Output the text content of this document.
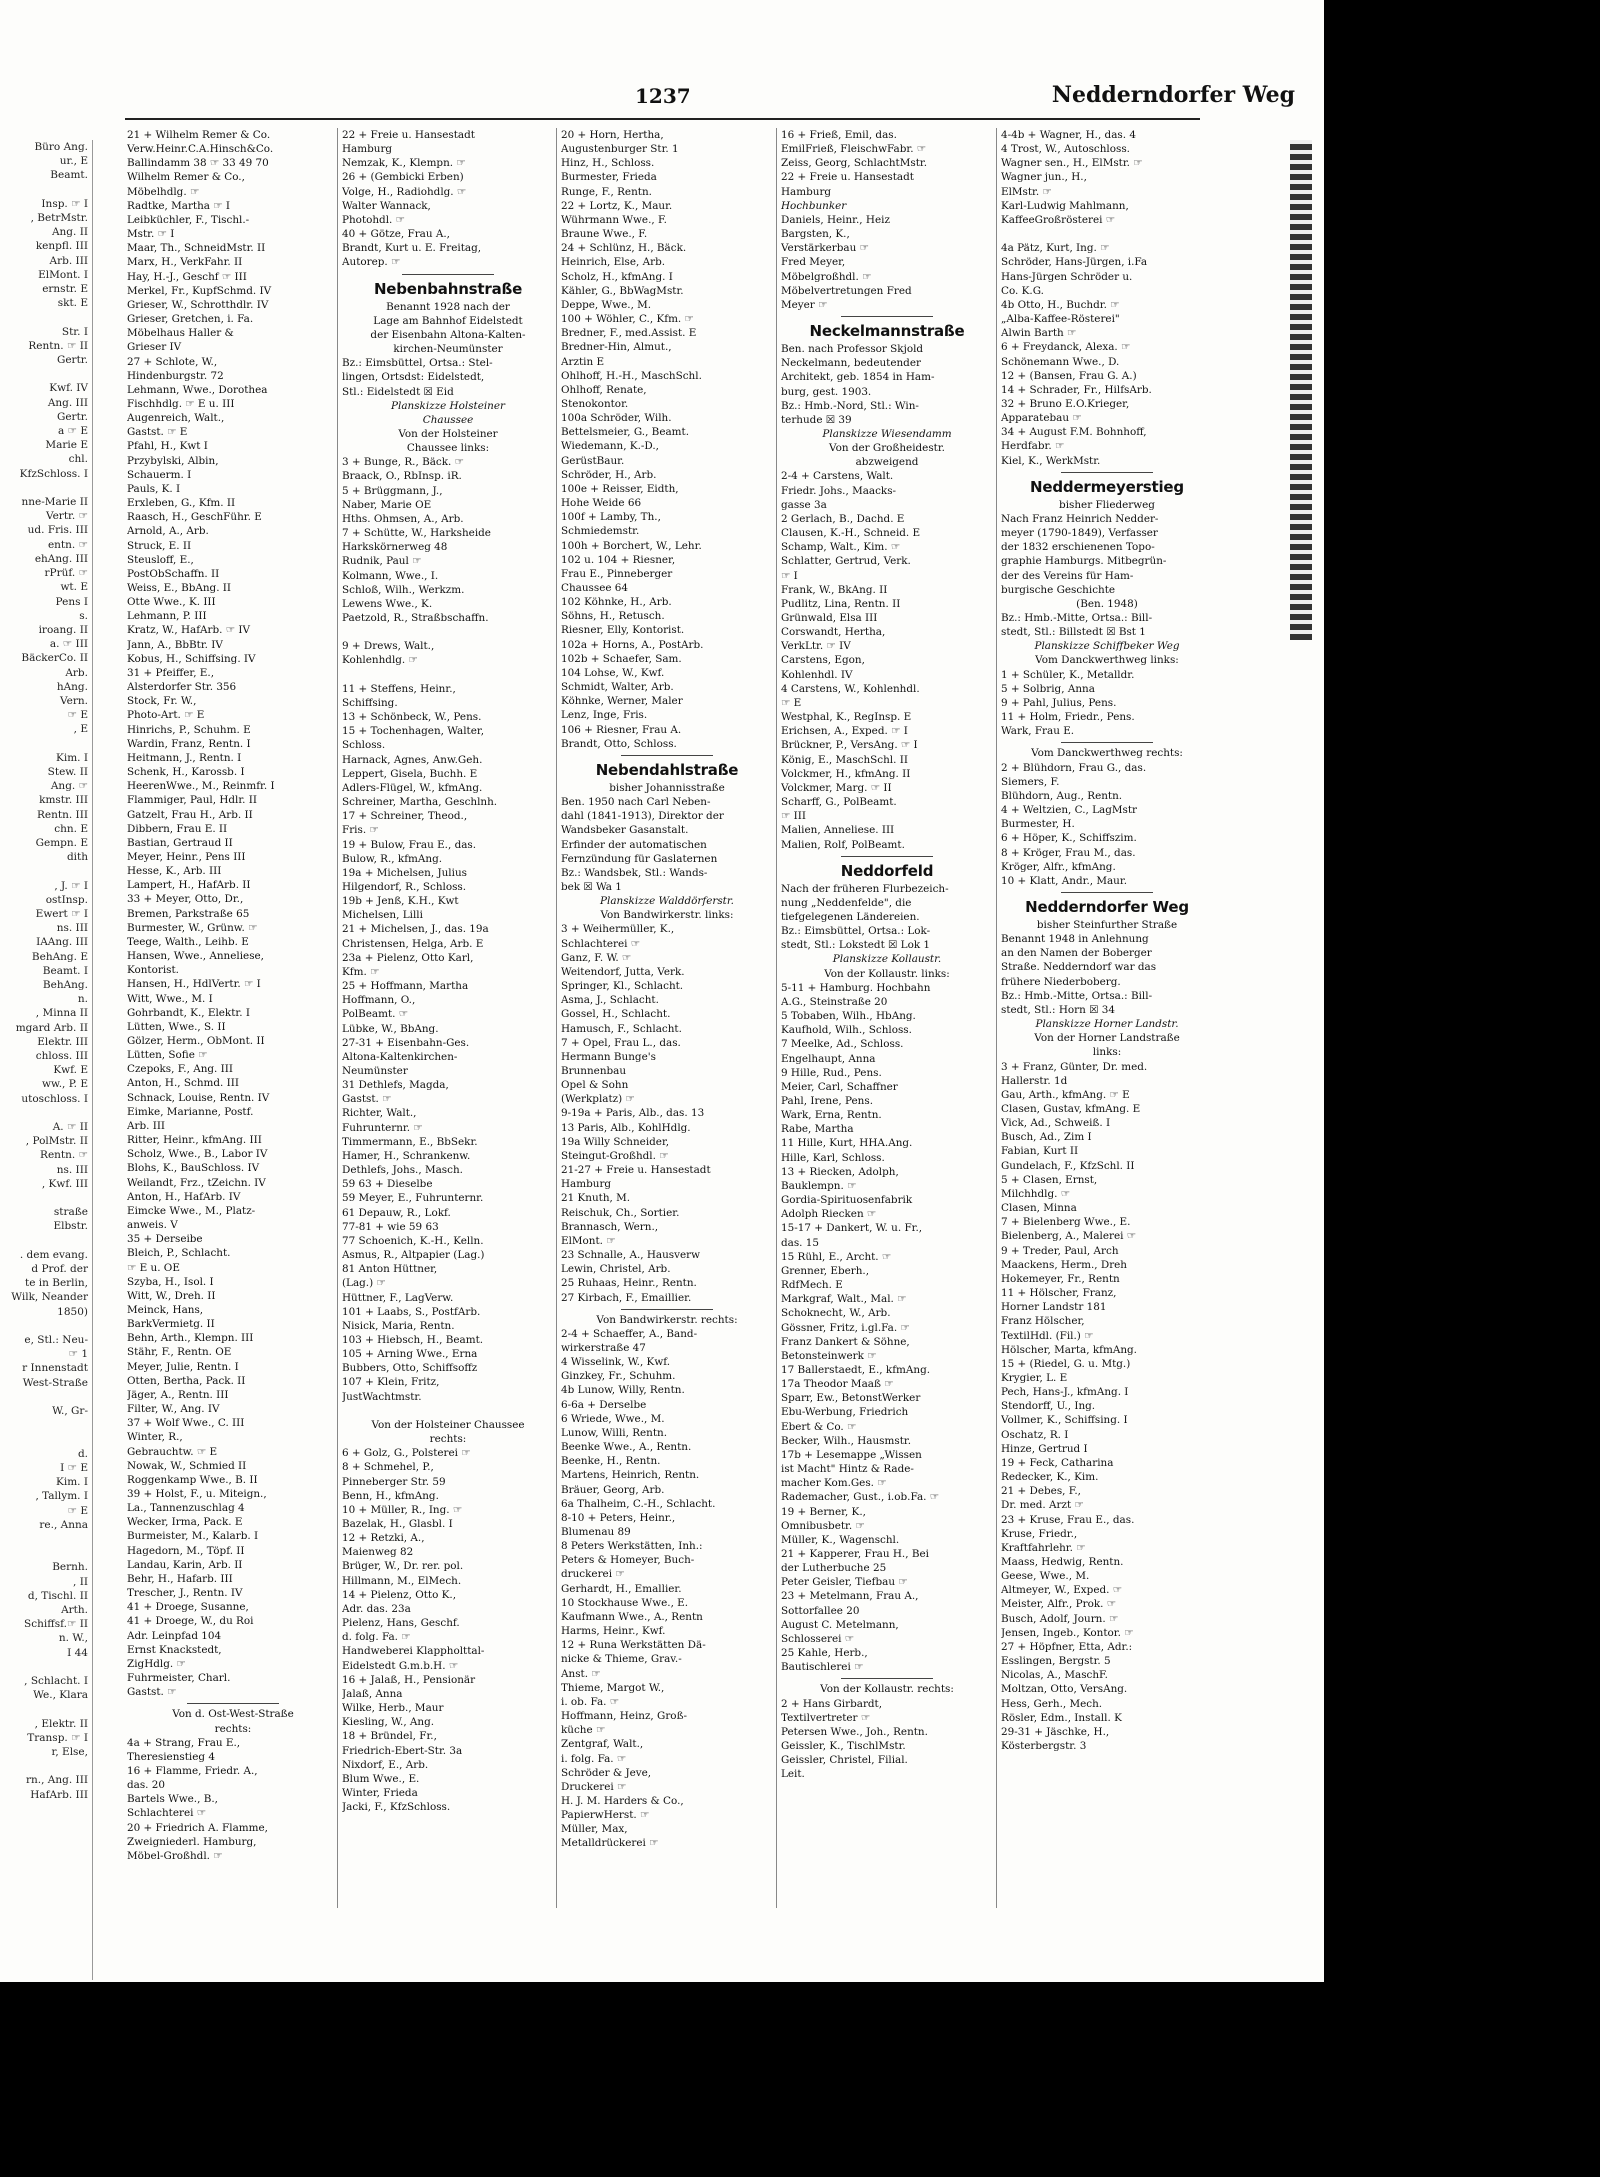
Büro Ang.
ur., E
Beamt.

Insp. ☞ I
, BetrMstr.
Ang. II
kenpfl. III
Arb. III
ElMont. I
ernstr. E
skt. E

Str. I
Rentn. ☞ II
Gertr.

Kwf. IV
Ang. III
Gertr.
a ☞ E
Marie E
chl.
KfzSchloss. I

nne-Marie II
Vertr. ☞
ud. Fris. III
entn. ☞
ehAng. III
rPrüf. ☞
wt. E
Pens I
s.
iroang. II
a. ☞ III
BäckerCo. II
Arb.
hAng.
Vern.
☞ E
, E

Kim. I
Stew. II
Ang. ☞
kmstr. III
Rentn. III
chn. E
Gempn. E
dith

, J. ☞ I
ostInsp.
Ewert ☞ I
ns. III
IAAng. III
BehAng. E
Beamt. I
BehAng.
n.
, Minna II
mgard Arb. II
Elektr. III
chloss. III
Kwf. E
ww., P. E
utoschloss. I

A. ☞ II
, PolMstr. II
Rentn. ☞
ns. III
, Kwf. III

straße
Elbstr.

. dem evang.
d Prof. der
te in Berlin,
Wilk, Neander
1850)

e, Stl.: Neu-
☞ 1
r Innenstadt
West-Straße

W., Gr-

d.
I ☞ E
Kim. I
, Tallym. I
☞ E
re., Anna

Bernh.
, II
d, Tischl. II
Arth.
Schiffsf.☞ II
n. W.,
I 44

, Schlacht. I
We., Klara

, Elektr. II
Transp. ☞ I
r, Else,

rn., Ang. III
HafArb. III
1237	Nedderndorfer Weg
21 + Wilhelm Remer & Co.
Verw.Heinr.C.A.Hinsch&Co.
Ballindamm 38 ☞ 33 49 70
Wilhelm Remer & Co.,
Möbelhdlg. ☞
Radtke, Martha ☞ I
Leibküchler, F., Tischl.-
Mstr. ☞ I
Maar, Th., SchneidMstr. II
Marx, H., VerkFahr. II
Hay, H.-J., Geschf ☞ III
Merkel, Fr., KupfSchmd. IV
Grieser, W., Schrotthdlr. IV
Grieser, Gretchen, i. Fa.
Möbelhaus Haller &
Grieser IV
27 + Schlote, W.,
Hindenburgstr. 72
Lehmann, Wwe., Dorothea
Fischhdlg. ☞ E u. III
Augenreich, Walt.,
Gastst. ☞ E
Pfahl, H., Kwt I
Przybylski, Albin,
Schauerm. I
Pauls, K. I
Erxleben, G., Kfm. II
Raasch, H., GeschFühr. E
Arnold, A., Arb.
Struck, E. II
Steusloff, E.,
PostObSchaffn. II
Weiss, E., BbAng. II
Otte Wwe., K. III
Lehmann, P. III
Kratz, W., HafArb. ☞ IV
Jann, A., BbBtr. IV
Kobus, H., Schiffsing. IV
31 + Pfeiffer, E.,
Alsterdorfer Str. 356
Stock, Fr. W.,
Photo-Art. ☞ E
Hinrichs, P., Schuhm. E
Wardin, Franz, Rentn. I
Heitmann, J., Rentn. I
Schenk, H., Karossb. I
HeerenWwe., M., Reinmfr. I
Flammiger, Paul, Hdlr. II
Gatzelt, Frau H., Arb. II
Dibbern, Frau E. II
Bastian, Gertraud II
Meyer, Heinr., Pens III
Hesse, K., Arb. III
Lampert, H., HafArb. II
33 + Meyer, Otto, Dr.,
Bremen, Parkstraße 65
Burmester, W., Grünw. ☞
Teege, Walth., Leihb. E
Hansen, Wwe., Anneliese,
Kontorist.
Hansen, H., HdlVertr. ☞ I
Witt, Wwe., M. I
Gohrbandt, K., Elektr. I
Lütten, Wwe., S. II
Gölzer, Herm., ObMont. II
Lütten, Sofie ☞
Czepoks, F., Ang. III
Anton, H., Schmd. III
Schnack, Louise, Rentn. IV
Eimke, Marianne, Postf.
Arb. III
Ritter, Heinr., kfmAng. III
Scholz, Wwe., B., Labor IV
Blohs, K., BauSchloss. IV
Weilandt, Frz., tZeichn. IV
Anton, H., HafArb. IV
Eimcke Wwe., M., Platz-
anweis. V
35 + Derseibe
Bleich, P., Schlacht.
☞ E u. OE
Szyba, H., Isol. I
Witt, W., Dreh. II
Meinck, Hans,
BarkVermietg. II
Behn, Arth., Klempn. III
Stähr, F., Rentn. OE
Meyer, Julie, Rentn. I
Otten, Bertha, Pack. II
Jäger, A., Rentn. III
Filter, W., Ang. IV
37 + Wolf Wwe., C. III
Winter, R.,
Gebrauchtw. ☞ E
Nowak, W., Schmied II
Roggenkamp Wwe., B. II
39 + Holst, F., u. Miteign.,
La., Tannenzuschlag 4
Wecker, Irma, Pack. E
Burmeister, M., Kalarb. I
Hagedorn, M., Töpf. II
Landau, Karin, Arb. II
Behr, H., Hafarb. III
Trescher, J., Rentn. IV
41 + Droege, Susanne,
41 + Droege, W., du Roi
Adr. Leinpfad 104
Ernst Knackstedt,
ZigHdlg. ☞
Fuhrmeister, Charl.
Gastst. ☞
Von d. Ost-West-Straße
rechts:
4a + Strang, Frau E.,
Theresienstieg 4
16 + Flamme, Friedr. A.,
das. 20
Bartels Wwe., B.,
Schlachterei ☞
20 + Friedrich A. Flamme,
Zweigniederl. Hamburg,
Möbel-Großhdl. ☞
22 + Freie u. Hansestadt
Hamburg
Nemzak, K., Klempn. ☞
26 + (Gembicki Erben)
Volge, H., Radiohdlg. ☞
Walter Wannack,
Photohdl. ☞
40 + Götze, Frau A.,
Brandt, Kurt u. E. Freitag,
Autorep. ☞
Nebenbahnstraße
Benannt 1928 nach der
Lage am Bahnhof Eidelstedt
der Eisenbahn Altona-Kalten-
kirchen-Neumünster
Bz.: Eimsbüttel, Ortsa.: Stel-
lingen, Ortsdst: Eidelstedt,
Stl.: Eidelstedt ☒ Eid
Planskizze Holsteiner
Chaussee
Von der Holsteiner
Chaussee links:
3 + Bunge, R., Bäck. ☞
Braack, O., RbInsp. iR.
5 + Brüggmann, J.,
Naber, Marie OE
Hths. Ohmsen, A., Arb.
7 + Schütte, W., Harksheide
Harkskörnerweg 48
Rudnik, Paul ☞
Kolmann, Wwe., I.
Schloß, Wilh., Werkzm.
Lewens Wwe., K.
Paetzold, R., Straßbschaffn.

9 + Drews, Walt.,
Kohlenhdlg. ☞

11 + Steffens, Heinr.,
Schiffsing.
13 + Schönbeck, W., Pens.
15 + Tochenhagen, Walter,
Schloss.
Harnack, Agnes, Anw.Geh.
Leppert, Gisela, Buchh. E
Adlers-Flügel, W., kfmAng.
Schreiner, Martha, Geschlnh.
17 + Schreiner, Theod.,
Fris. ☞
19 + Bulow, Frau E., das.
Bulow, R., kfmAng.
19a + Michelsen, Julius
Hilgendorf, R., Schloss.
19b + Jenß, K.H., Kwt
Michelsen, Lilli
21 + Michelsen, J., das. 19a
Christensen, Helga, Arb. E
23a + Pielenz, Otto Karl,
Kfm. ☞
25 + Hoffmann, Martha
Hoffmann, O.,
PolBeamt. ☞
Lübke, W., BbAng.
27-31 + Eisenbahn-Ges.
Altona-Kaltenkirchen-
Neumünster
31 Dethlefs, Magda,
Gastst. ☞
Richter, Walt.,
Fuhrunternr. ☞
Timmermann, E., BbSekr.
Hamer, H., Schrankenw.
Dethlefs, Johs., Masch.
59 63 + Dieselbe
59 Meyer, E., Fuhrunternr.
61 Depauw, R., Lokf.
77-81 + wie 59 63
77 Schoenich, K.-H., Kelln.
Asmus, R., Altpapier (Lag.)
81 Anton Hüttner,
(Lag.) ☞
Hüttner, F., LagVerw.
101 + Laabs, S., PostfArb.
Nisick, Maria, Rentn.
103 + Hiebsch, H., Beamt.
105 + Arning Wwe., Erna
Bubbers, Otto, Schiffsoffz
107 + Klein, Fritz,
JustWachtmstr.

Von der Holsteiner Chaussee
rechts:
6 + Golz, G., Polsterei ☞
8 + Schmehel, P.,
Pinneberger Str. 59
Benn, H., kfmAng.
10 + Müller, R., Ing. ☞
Bazelak, H., Glasbl. I
12 + Retzki, A.,
Maienweg 82
Brüger, W., Dr. rer. pol.
Hillmann, M., ElMech.
14 + Pielenz, Otto K.,
Adr. das. 23a
Pielenz, Hans, Geschf.
d. folg. Fa. ☞
Handweberei Klappholttal-
Eidelstedt G.m.b.H. ☞
16 + Jalaß, H., Pensionär
Jalaß, Anna
Wilke, Herb., Maur
Kiesling, W., Ang.
18 + Bründel, Fr.,
Friedrich-Ebert-Str. 3a
Nixdorf, E., Arb.
Blum Wwe., E.
Winter, Frieda
Jacki, F., KfzSchloss.
20 + Horn, Hertha,
Augustenburger Str. 1
Hinz, H., Schloss.
Burmester, Frieda
Runge, F., Rentn.
22 + Lortz, K., Maur.
Wührmann Wwe., F.
Braune Wwe., F.
24 + Schlünz, H., Bäck.
Heinrich, Else, Arb.
Scholz, H., kfmAng. I
Kähler, G., BbWagMstr.
Deppe, Wwe., M.
100 + Wöhler, C., Kfm. ☞
Bredner, F., med.Assist. E
Bredner-Hin, Almut.,
Arztin E
Ohlhoff, H.-H., MaschSchl.
Ohlhoff, Renate,
Stenokontor.
100a Schröder, Wilh.
Bettelsmeier, G., Beamt.
Wiedemann, K.-D.,
GerüstBaur.
Schröder, H., Arb.
100e + Reisser, Eidth,
Hohe Weide 66
100f + Lamby, Th.,
Schmiedemstr.
100h + Borchert, W., Lehr.
102 u. 104 + Riesner,
Frau E., Pinneberger
Chaussee 64
102 Köhnke, H., Arb.
Söhns, H., Retusch.
Riesner, Elly, Kontorist.
102a + Horns, A., PostArb.
102b + Schaefer, Sam.
104 Lohse, W., Kwf.
Schmidt, Walter, Arb.
Köhnke, Werner, Maler
Lenz, Inge, Fris.
106 + Riesner, Frau A.
Brandt, Otto, Schloss.
Nebendahlstraße
bisher Johannisstraße
Ben. 1950 nach Carl Neben-
dahl (1841-1913), Direktor der
Wandsbeker Gasanstalt.
Erfinder der automatischen
Fernzündung für Gaslaternen
Bz.: Wandsbek, Stl.: Wands-
bek ☒ Wa 1
Planskizze Walddörferstr.
Von Bandwirkerstr. links:
3 + Weihermüller, K.,
Schlachterei ☞
Ganz, F. W. ☞
Weitendorf, Jutta, Verk.
Springer, Kl., Schlacht.
Asma, J., Schlacht.
Gossel, H., Schlacht.
Hamusch, F., Schlacht.
7 + Opel, Frau L., das.
Hermann Bunge's
Brunnenbau
Opel & Sohn
(Werkplatz) ☞
9-19a + Paris, Alb., das. 13
13 Paris, Alb., KohlHdlg.
19a Willy Schneider,
Steingut-Großhdl. ☞
21-27 + Freie u. Hansestadt
Hamburg
21 Knuth, M.
Reischuk, Ch., Sortier.
Brannasch, Wern.,
ElMont. ☞
23 Schnalle, A., Hausverw
Lewin, Christel, Arb.
25 Ruhaas, Heinr., Rentn.
27 Kirbach, F., Emaillier.
Von Bandwirkerstr. rechts:
2-4 + Schaeffer, A., Band-
wirkerstraße 47
4 Wisselink, W., Kwf.
Ginzkey, Fr., Schuhm.
4b Lunow, Willy, Rentn.
6-6a + Derselbe
6 Wriede, Wwe., M.
Lunow, Willi, Rentn.
Beenke Wwe., A., Rentn.
Beenke, H., Rentn.
Martens, Heinrich, Rentn.
Bräuer, Georg, Arb.
6a Thalheim, C.-H., Schlacht.
8-10 + Peters, Heinr.,
Blumenau 89
8 Peters Werkstätten, Inh.:
Peters & Homeyer, Buch-
druckerei ☞
Gerhardt, H., Emallier.
10 Stockhause Wwe., E.
Kaufmann Wwe., A., Rentn
Harms, Heinr., Kwf.
12 + Runa Werkstätten Dä-
nicke & Thieme, Grav.-
Anst. ☞
Thieme, Margot W.,
i. ob. Fa. ☞
Hoffmann, Heinz, Groß-
küche ☞
Zentgraf, Walt.,
i. folg. Fa. ☞
Schröder & Jeve,
Druckerei ☞
H. J. M. Harders & Co.,
PapierwHerst. ☞
Müller, Max,
Metalldrückerei ☞
16 + Frieß, Emil, das.
EmilFrieß, FleischwFabr. ☞
Zeiss, Georg, SchlachtMstr.
22 + Freie u. Hansestadt
Hamburg
Hochbunker
Daniels, Heinr., Heiz
Bargsten, K.,
Verstärkerbau ☞
Fred Meyer,
Möbelgroßhdl. ☞
Möbelvertretungen Fred
Meyer ☞
Neckelmannstraße
Ben. nach Professor Skjold
Neckelmann, bedeutender
Architekt, geb. 1854 in Ham-
burg, gest. 1903.
Bz.: Hmb.-Nord, Stl.: Win-
terhude ☒ 39
Planskizze Wiesendamm
Von der Großheidestr.
abzweigend
2-4 + Carstens, Walt.
Friedr. Johs., Maacks-
gasse 3a
2 Gerlach, B., Dachd. E
Clausen, K.-H., Schneid. E
Schamp, Walt., Kim. ☞
Schlatter, Gertrud, Verk.
☞ I
Frank, W., BkAng. II
Pudlitz, Lina, Rentn. II
Grünwald, Elsa III
Corswandt, Hertha,
VerkLtr. ☞ IV
Carstens, Egon,
Kohlenhdl. IV
4 Carstens, W., Kohlenhdl.
☞ E
Westphal, K., RegInsp. E
Erichsen, A., Exped. ☞ I
Brückner, P., VersAng. ☞ I
König, E., MaschSchl. II
Volckmer, H., kfmAng. II
Volckmer, Marg. ☞ II
Scharff, G., PolBeamt.
☞ III
Malien, Anneliese. III
Malien, Rolf, PolBeamt.
Neddorfeld
Nach der früheren Flurbezeich-
nung „Neddenfelde", die
tiefgelegenen Ländereien.
Bz.: Eimsbüttel, Ortsa.: Lok-
stedt, Stl.: Lokstedt ☒ Lok 1
Planskizze Kollaustr.
Von der Kollaustr. links:
5-11 + Hamburg. Hochbahn
A.G., Steinstraße 20
5 Tobaben, Wilh., HbAng.
Kaufhold, Wilh., Schloss.
7 Meelke, Ad., Schloss.
Engelhaupt, Anna
9 Hille, Rud., Pens.
Meier, Carl, Schaffner
Pahl, Irene, Pens.
Wark, Erna, Rentn.
Rabe, Martha
11 Hille, Kurt, HHA.Ang.
Hille, Karl, Schloss.
13 + Riecken, Adolph,
Bauklempn. ☞
Gordia-Spirituosenfabrik
Adolph Riecken ☞
15-17 + Dankert, W. u. Fr.,
das. 15
15 Rühl, E., Archt. ☞
Grenner, Eberh.,
RdfMech. E
Markgraf, Walt., Mal. ☞
Schoknecht, W., Arb.
Gössner, Fritz, i.gl.Fa. ☞
Franz Dankert & Söhne,
Betonsteinwerk ☞
17 Ballerstaedt, E., kfmAng.
17a Theodor Maaß ☞
Sparr, Ew., BetonstWerker
Ebu-Werbung, Friedrich
Ebert & Co. ☞
Becker, Wilh., Hausmstr.
17b + Lesemappe „Wissen
ist Macht" Hintz & Rade-
macher Kom.Ges. ☞
Rademacher, Gust., i.ob.Fa. ☞
19 + Berner, K.,
Omnibusbetr. ☞
Müller, K., Wagenschl.
21 + Kapperer, Frau H., Bei
der Lutherbuche 25
Peter Geisler, Tiefbau ☞
23 + Metelmann, Frau A.,
Sottorfallee 20
August C. Metelmann,
Schlosserei ☞
25 Kahle, Herb.,
Bautischlerei ☞
Von der Kollaustr. rechts:
2 + Hans Girbardt,
Textilvertreter ☞
Petersen Wwe., Joh., Rentn.
Geissler, K., TischlMstr.
Geissler, Christel, Filial.
Leit.
4-4b + Wagner, H., das. 4
4 Trost, W., Autoschloss.
Wagner sen., H., ElMstr. ☞
Wagner jun., H.,
ElMstr. ☞
Karl-Ludwig Mahlmann,
KaffeeGroßrösterei ☞

4a Pätz, Kurt, Ing. ☞
Schröder, Hans-Jürgen, i.Fa
Hans-Jürgen Schröder u.
Co. K.G.
4b Otto, H., Buchdr. ☞
„Alba-Kaffee-Rösterei"
Alwin Barth ☞
6 + Freydanck, Alexa. ☞
Schönemann Wwe., D.
12 + (Bansen, Frau G. A.)
14 + Schrader, Fr., HilfsArb.
32 + Bruno E.O.Krieger,
Apparatebau ☞
34 + August F.M. Bohnhoff,
Herdfabr. ☞
Kiel, K., WerkMstr.
Neddermeyerstieg
bisher Fliederweg
Nach Franz Heinrich Nedder-
meyer (1790-1849), Verfasser
der 1832 erschienenen Topo-
graphie Hamburgs. Mitbegrün-
der des Vereins für Ham-
burgische Geschichte
(Ben. 1948)
Bz.: Hmb.-Mitte, Ortsa.: Bill-
stedt, Stl.: Billstedt ☒ Bst 1
Planskizze Schiffbeker Weg
Vom Danckwerthweg links:
1 + Schüler, K., Metalldr.
5 + Solbrig, Anna
9 + Pahl, Julius, Pens.
11 + Holm, Friedr., Pens.
Wark, Frau E.
Vom Danckwerthweg rechts:
2 + Blühdorn, Frau G., das.
Siemers, F.
Blühdorn, Aug., Rentn.
4 + Weltzien, C., LagMstr
Burmester, H.
6 + Höper, K., Schiffszim.
8 + Kröger, Frau M., das.
Kröger, Alfr., kfmAng.
10 + Klatt, Andr., Maur.
Nedderndorfer Weg
bisher Steinfurther Straße
Benannt 1948 in Anlehnung
an den Namen der Boberger
Straße. Nedderndorf war das
frühere Niederboberg.
Bz.: Hmb.-Mitte, Ortsa.: Bill-
stedt, Stl.: Horn ☒ 34
Planskizze Horner Landstr.
Von der Horner Landstraße
links:
3 + Franz, Günter, Dr. med.
Hallerstr. 1d
Gau, Arth., kfmAng. ☞ E
Clasen, Gustav, kfmAng. E
Vick, Ad., Schweiß. I
Busch, Ad., Zim I
Fabian, Kurt II
Gundelach, F., KfzSchl. II
5 + Clasen, Ernst,
Milchhdlg. ☞
Clasen, Minna
7 + Bielenberg Wwe., E.
Bielenberg, A., Malerei ☞
9 + Treder, Paul, Arch
Maackens, Herm., Dreh
Hokemeyer, Fr., Rentn
11 + Hölscher, Franz,
Horner Landstr 181
Franz Hölscher,
TextilHdl. (Fil.) ☞
Hölscher, Marta, kfmAng.
15 + (Riedel, G. u. Mtg.)
Krygier, L. E
Pech, Hans-J., kfmAng. I
Stendorff, U., Ing.
Vollmer, K., Schiffsing. I
Oschatz, R. I
Hinze, Gertrud I
19 + Feck, Catharina
Redecker, K., Kim.
21 + Debes, F.,
Dr. med. Arzt ☞
23 + Kruse, Frau E., das.
Kruse, Friedr.,
Kraftfahrlehr. ☞
Maass, Hedwig, Rentn.
Geese, Wwe., M.
Altmeyer, W., Exped. ☞
Meister, Alfr., Prok. ☞
Busch, Adolf, Journ. ☞
Jensen, Ingeb., Kontor. ☞
27 + Höpfner, Etta, Adr.:
Esslingen, Bergstr. 5
Nicolas, A., MaschF.
Moltzan, Otto, VersAng.
Hess, Gerh., Mech.
Rösler, Edm., Install. K
29-31 + Jäschke, H.,
Kösterbergstr. 3
